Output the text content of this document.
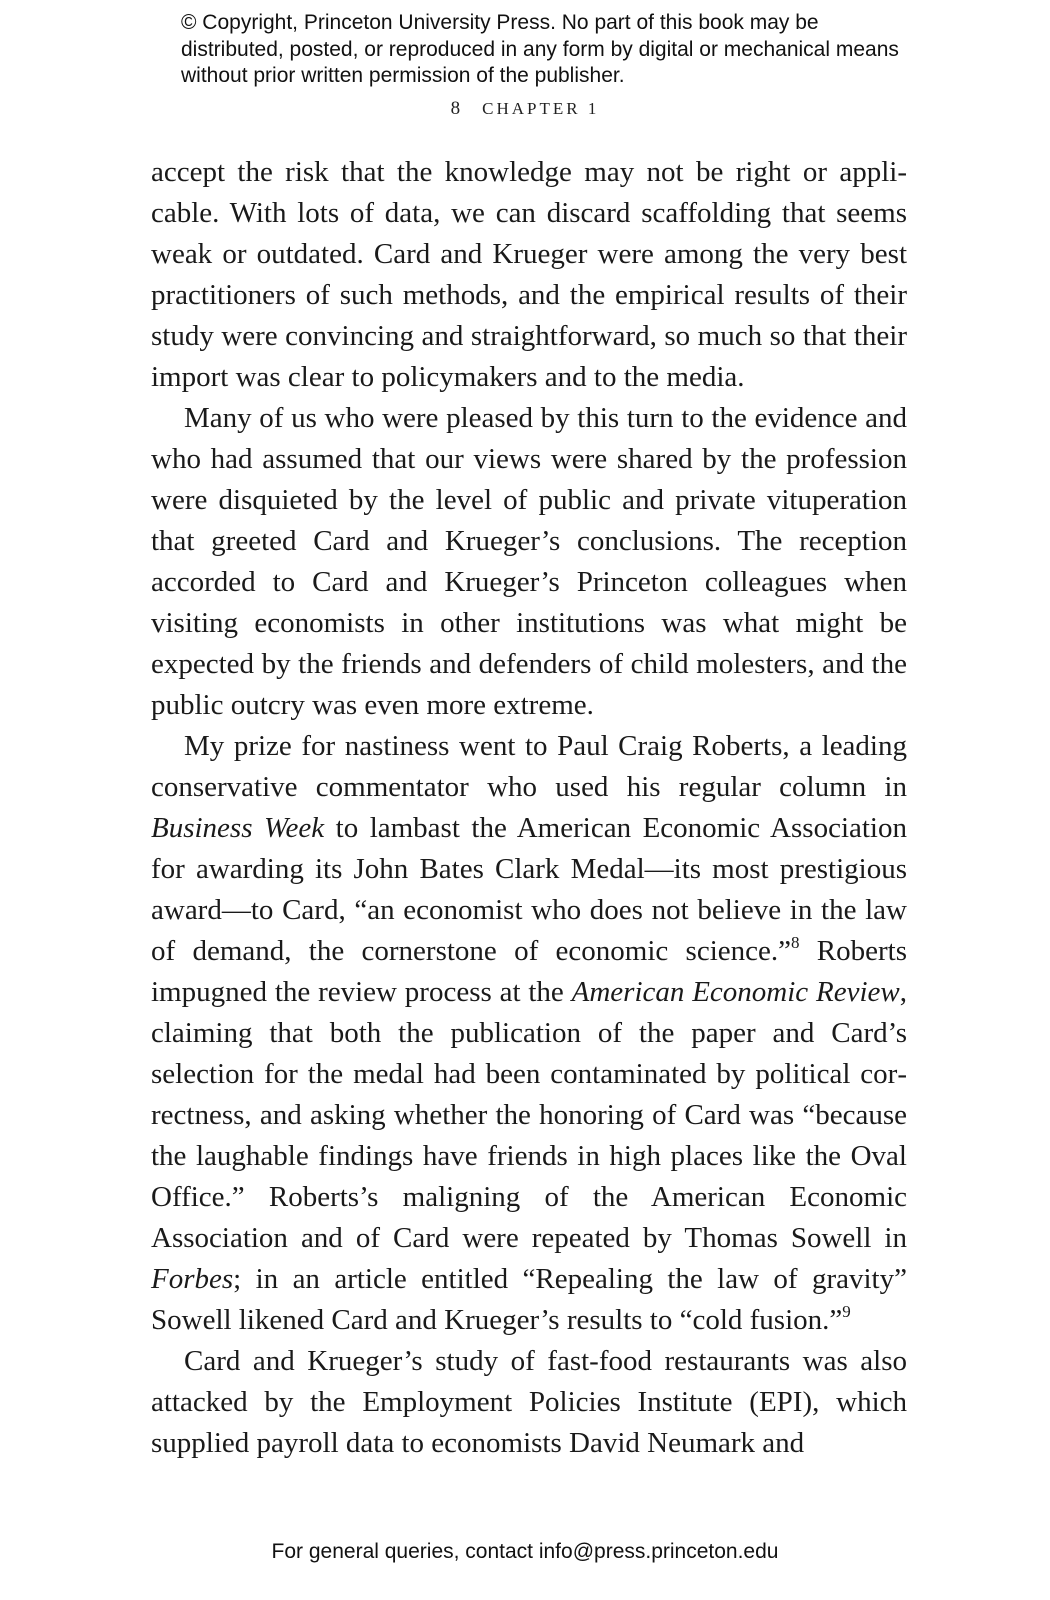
© Copyright, Princeton University Press. No part of this book may be distributed, posted, or reproduced in any form by digital or mechanical means without prior written permission of the publisher.
8 CHAPTER 1

accept the risk that the knowledge may not be right or applicable. With lots of data, we can discard scaffolding that seems weak or outdated. Card and Krueger were among the very best practitioners of such methods, and the empirical results of their study were convincing and straightforward, so much so that their import was clear to policymakers and to the media.

Many of us who were pleased by this turn to the evidence and who had assumed that our views were shared by the profession were disquieted by the level of public and private vituperation that greeted Card and Krueger’s conclusions. The reception accorded to Card and Krueger’s Princeton colleagues when visiting economists in other institutions was what might be expected by the friends and defenders of child molesters, and the public outcry was even more extreme.

My prize for nastiness went to Paul Craig Roberts, a leading conservative commentator who used his regular column in Business Week to lambast the American Economic Association for awarding its John Bates Clark Medal—its most prestigious award—to Card, “an economist who does not believe in the law of demand, the cornerstone of economic science.”$^8$ Roberts impugned the review process at the American Economic Review, claiming that both the publication of the paper and Card’s selection for the medal had been contaminated by political correctness, and asking whether the honoring of Card was “because the laughable findings have friends in high places like the Oval Office.” Roberts’s maligning of the American Economic Association and of Card were repeated by Thomas Sowell in Forbes; in an article entitled “Repealing the law of gravity” Sowell likened Card and Krueger’s results to “cold fusion.”$^9$

Card and Krueger’s study of fast-food restaurants was also attacked by the Employment Policies Institute (EPI), which supplied payroll data to economists David Neumark and

For general queries, contact info@press.princeton.edu
